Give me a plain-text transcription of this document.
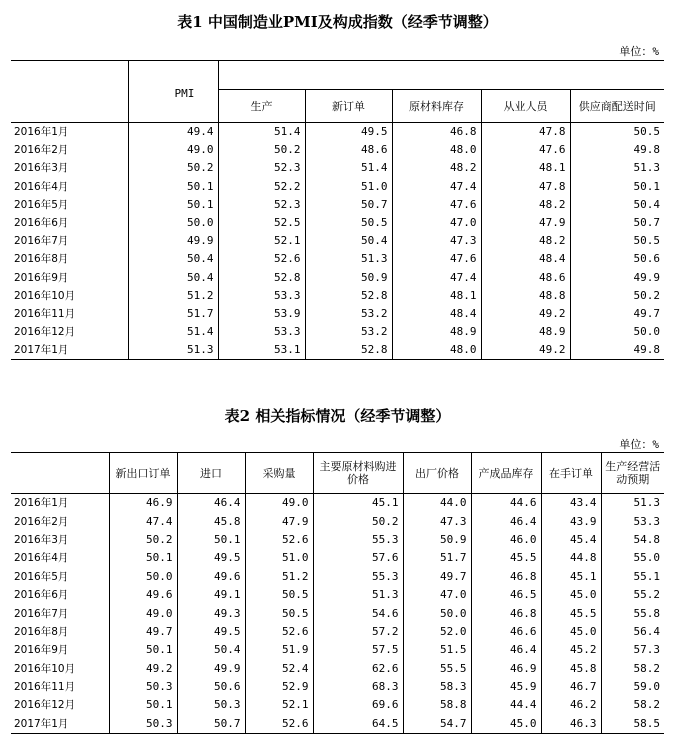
表1 中国制造业PMI及构成指数（经季节调整）
单位：%
	PMI					
		生产	新订单	原材料库存	从业人员	供应商配送时间
2016年1月	49.4	51.4	49.5	46.8	47.8	50.5
2016年2月	49.0	50.2	48.6	48.0	47.6	49.8
2016年3月	50.2	52.3	51.4	48.2	48.1	51.3
2016年4月	50.1	52.2	51.0	47.4	47.8	50.1
2016年5月	50.1	52.3	50.7	47.6	48.2	50.4
2016年6月	50.0	52.5	50.5	47.0	47.9	50.7
2016年7月	49.9	52.1	50.4	47.3	48.2	50.5
2016年8月	50.4	52.6	51.3	47.6	48.4	50.6
2016年9月	50.4	52.8	50.9	47.4	48.6	49.9
2016年10月	51.2	53.3	52.8	48.1	48.8	50.2
2016年11月	51.7	53.9	53.2	48.4	49.2	49.7
2016年12月	51.4	53.3	53.2	48.9	48.9	50.0
2017年1月	51.3	53.1	52.8	48.0	49.2	49.8
表2 相关指标情况（经季节调整）
单位：%
	新出口订单	进口	采购量	主要原材料购进价格	出厂价格	产成品库存	在手订单	生产经营活动预期
2016年1月	46.9	46.4	49.0	45.1	44.0	44.6	43.4	51.3
2016年2月	47.4	45.8	47.9	50.2	47.3	46.4	43.9	53.3
2016年3月	50.2	50.1	52.6	55.3	50.9	46.0	45.4	54.8
2016年4月	50.1	49.5	51.0	57.6	51.7	45.5	44.8	55.0
2016年5月	50.0	49.6	51.2	55.3	49.7	46.8	45.1	55.1
2016年6月	49.6	49.1	50.5	51.3	47.0	46.5	45.0	55.2
2016年7月	49.0	49.3	50.5	54.6	50.0	46.8	45.5	55.8
2016年8月	49.7	49.5	52.6	57.2	52.0	46.6	45.0	56.4
2016年9月	50.1	50.4	51.9	57.5	51.5	46.4	45.2	57.3
2016年10月	49.2	49.9	52.4	62.6	55.5	46.9	45.8	58.2
2016年11月	50.3	50.6	52.9	68.3	58.3	45.9	46.7	59.0
2016年12月	50.1	50.3	52.1	69.6	58.8	44.4	46.2	58.2
2017年1月	50.3	50.7	52.6	64.5	54.7	45.0	46.3	58.5
